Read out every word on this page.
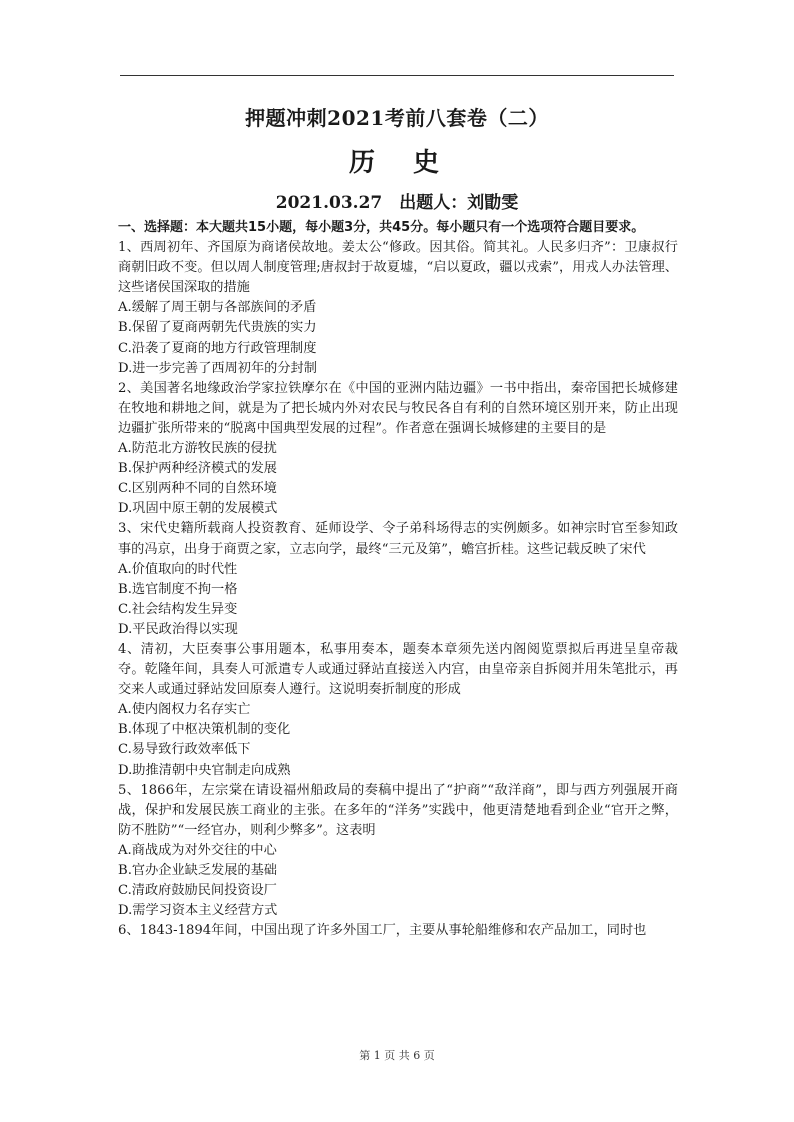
押题冲刺2021考前八套卷（二）
历　史
2021.03.27　出题人：刘勖雯
一、选择题：本大题共15小题，每小题3分，共45分。每小题只有一个选项符合题目要求。
1、西周初年、齐国原为商诸侯故地。姜太公“修政。因其俗。简其礼。人民多归齐”：卫康叔行商朝旧政不变。但以周人制度管理;唐叔封于故夏墟，“启以夏政，疆以戎索”，用戎人办法管理、这些诸侯国深取的措施
A.缓解了周王朝与各部族间的矛盾
B.保留了夏商两朝先代贵族的实力
C.沿袭了夏商的地方行政管理制度
D.进一步完善了西周初年的分封制
2、美国著名地缘政治学家拉铁摩尔在《中国的亚洲内陆边疆》一书中指出，秦帝国把长城修建在牧地和耕地之间，就是为了把长城内外对农民与牧民各自有利的自然环境区别开来，防止出现边疆扩张所带来的“脱离中国典型发展的过程”。作者意在强调长城修建的主要目的是
A.防范北方游牧民族的侵扰
B.保护两种经济模式的发展
C.区别两种不同的自然环境
D.巩固中原王朝的发展模式
3、宋代史籍所载商人投资教育、延师设学、令子弟科场得志的实例颇多。如神宗时官至参知政事的冯京，出身于商贾之家，立志向学，最终“三元及第”，蟾宫折桂。这些记载反映了宋代
A.价值取向的时代性
B.选官制度不拘一格
C.社会结构发生异变
D.平民政治得以实现
4、清初，大臣奏事公事用题本，私事用奏本，题奏本章须先送内阁阅览票拟后再进呈皇帝裁夺。乾隆年间，具奏人可派遣专人或通过驿站直接送入内宫，由皇帝亲自拆阅并用朱笔批示，再交来人或通过驿站发回原奏人遵行。这说明奏折制度的形成
A.使内阁权力名存实亡
B.体现了中枢决策机制的变化
C.易导致行政效率低下
D.助推清朝中央官制走向成熟
5、1866年，左宗棠在请设福州船政局的奏稿中提出了“护商”“敌洋商”，即与西方列强展开商战，保护和发展民族工商业的主张。在多年的“洋务”实践中，他更清楚地看到企业“官开之弊，防不胜防”“一经官办，则利少弊多”。这表明
A.商战成为对外交往的中心
B.官办企业缺乏发展的基础
C.清政府鼓励民间投资设厂
D.需学习资本主义经营方式
6、1843-1894年间，中国出现了许多外国工厂，主要从事轮船维修和农产品加工，同时也
第 1 页 共 6 页
